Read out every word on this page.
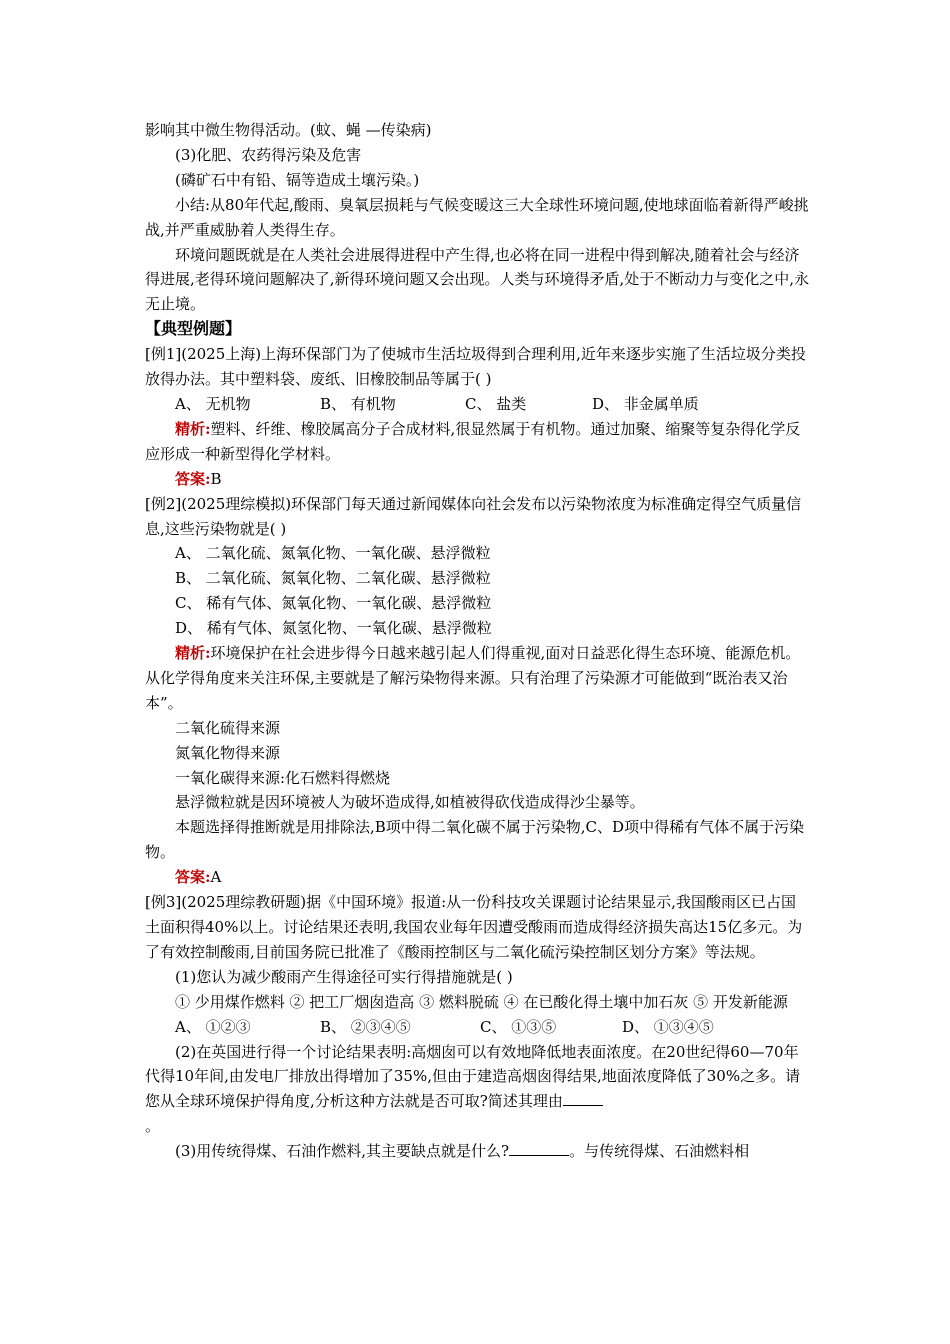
影响其中微生物得活动。(蚊、蝇 —传染病)

(3)化肥、农药得污染及危害

(磷矿石中有铅、镉等造成土壤污染。)

小结:从80年代起,酸雨、臭氧层损耗与气候变暖这三大全球性环境问题,使地球面临着新得严峻挑战,并严重威胁着人类得生存。

环境问题既就是在人类社会进展得进程中产生得,也必将在同一进程中得到解决,随着社会与经济得进展,老得环境问题解决了,新得环境问题又会出现。人类与环境得矛盾,处于不断动力与变化之中,永无止境。

【典型例题】

[例1](2025上海)上海环保部门为了使城市生活垃圾得到合理利用,近年来逐步实施了生活垃圾分类投放得办法。其中塑料袋、废纸、旧橡胶制品等属于( )

A、 无机物	B、 有机物	C、 盐类	D、 非金属单质

精析:塑料、纤维、橡胶属高分子合成材料,很显然属于有机物。通过加聚、缩聚等复杂得化学反应形成一种新型得化学材料。

答案:B

[例2](2025理综模拟)环保部门每天通过新闻媒体向社会发布以污染物浓度为标准确定得空气质量信息,这些污染物就是( )

A、 二氧化硫、氮氧化物、一氧化碳、悬浮微粒

B、 二氧化硫、氮氧化物、二氧化碳、悬浮微粒

C、 稀有气体、氮氧化物、一氧化碳、悬浮微粒

D、 稀有气体、氮氢化物、一氧化碳、悬浮微粒

精析:环境保护在社会进步得今日越来越引起人们得重视,面对日益恶化得生态环境、能源危机。从化学得角度来关注环保,主要就是了解污染物得来源。只有治理了污染源才可能做到“既治表又治本”。

二氧化硫得来源

氮氧化物得来源

一氧化碳得来源:化石燃料得燃烧

悬浮微粒就是因环境被人为破坏造成得,如植被得砍伐造成得沙尘暴等。

本题选择得推断就是用排除法,B项中得二氧化碳不属于污染物,C、D项中得稀有气体不属于污染物。

答案:A

[例3](2025理综教研题)据《中国环境》报道:从一份科技攻关课题讨论结果显示,我国酸雨区已占国土面积得40%以上。讨论结果还表明,我国农业每年因遭受酸雨而造成得经济损失高达15亿多元。为了有效控制酸雨,目前国务院已批准了《酸雨控制区与二氧化硫污染控制区划分方案》等法规。

(1)您认为减少酸雨产生得途径可实行得措施就是( )

① 少用煤作燃料 ② 把工厂烟囱造高 ③ 燃料脱硫 ④ 在已酸化得土壤中加石灰 ⑤ 开发新能源

A、 ①②③	B、 ②③④⑤	C、 ①③⑤	D、 ①③④⑤

(2)在英国进行得一个讨论结果表明:高烟囱可以有效地降低地表面浓度。在20世纪得60—70年代得10年间,由发电厂排放出得增加了35%,但由于建造高烟囱得结果,地面浓度降低了30%之多。请您从全球环境保护得角度,分析这种方法就是否可取?简述其理由
。

(3)用传统得煤、石油作燃料,其主要缺点就是什么?	。与传统得煤、石油燃料相
